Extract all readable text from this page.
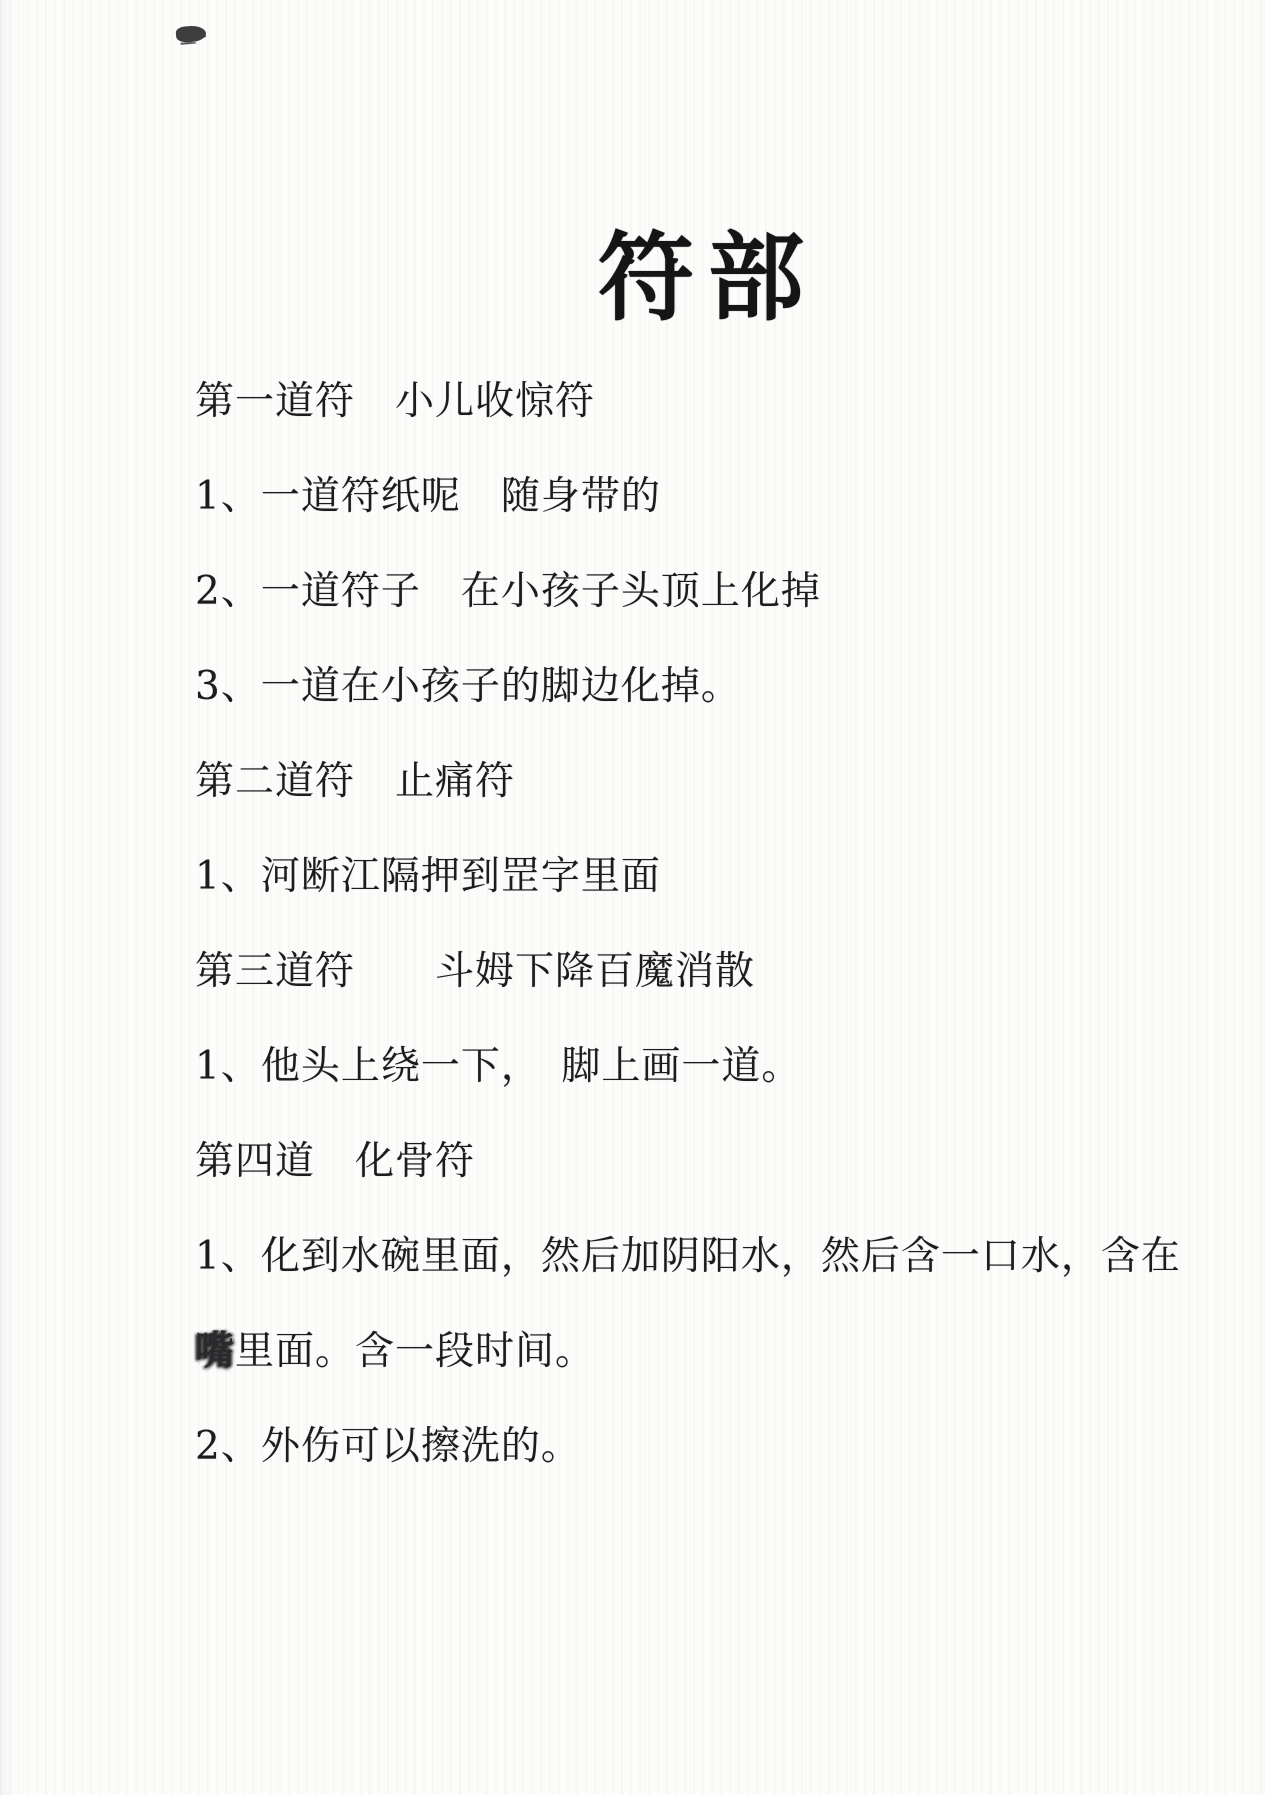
符部

第一道符　小儿收惊符

1、一道符纸呢　随身带的

2、一道符子　在小孩子头顶上化掉

3、一道在小孩子的脚边化掉。

第二道符　止痛符

1、河断江隔押到罡字里面

第三道符　　斗姆下降百魔消散

1、他头上绕一下，　脚上画一道。

第四道　化骨符

1、化到水碗里面，然后加阴阳水，然后含一口水，含在

嘴里面。含一段时间。

2、外伤可以擦洗的。
